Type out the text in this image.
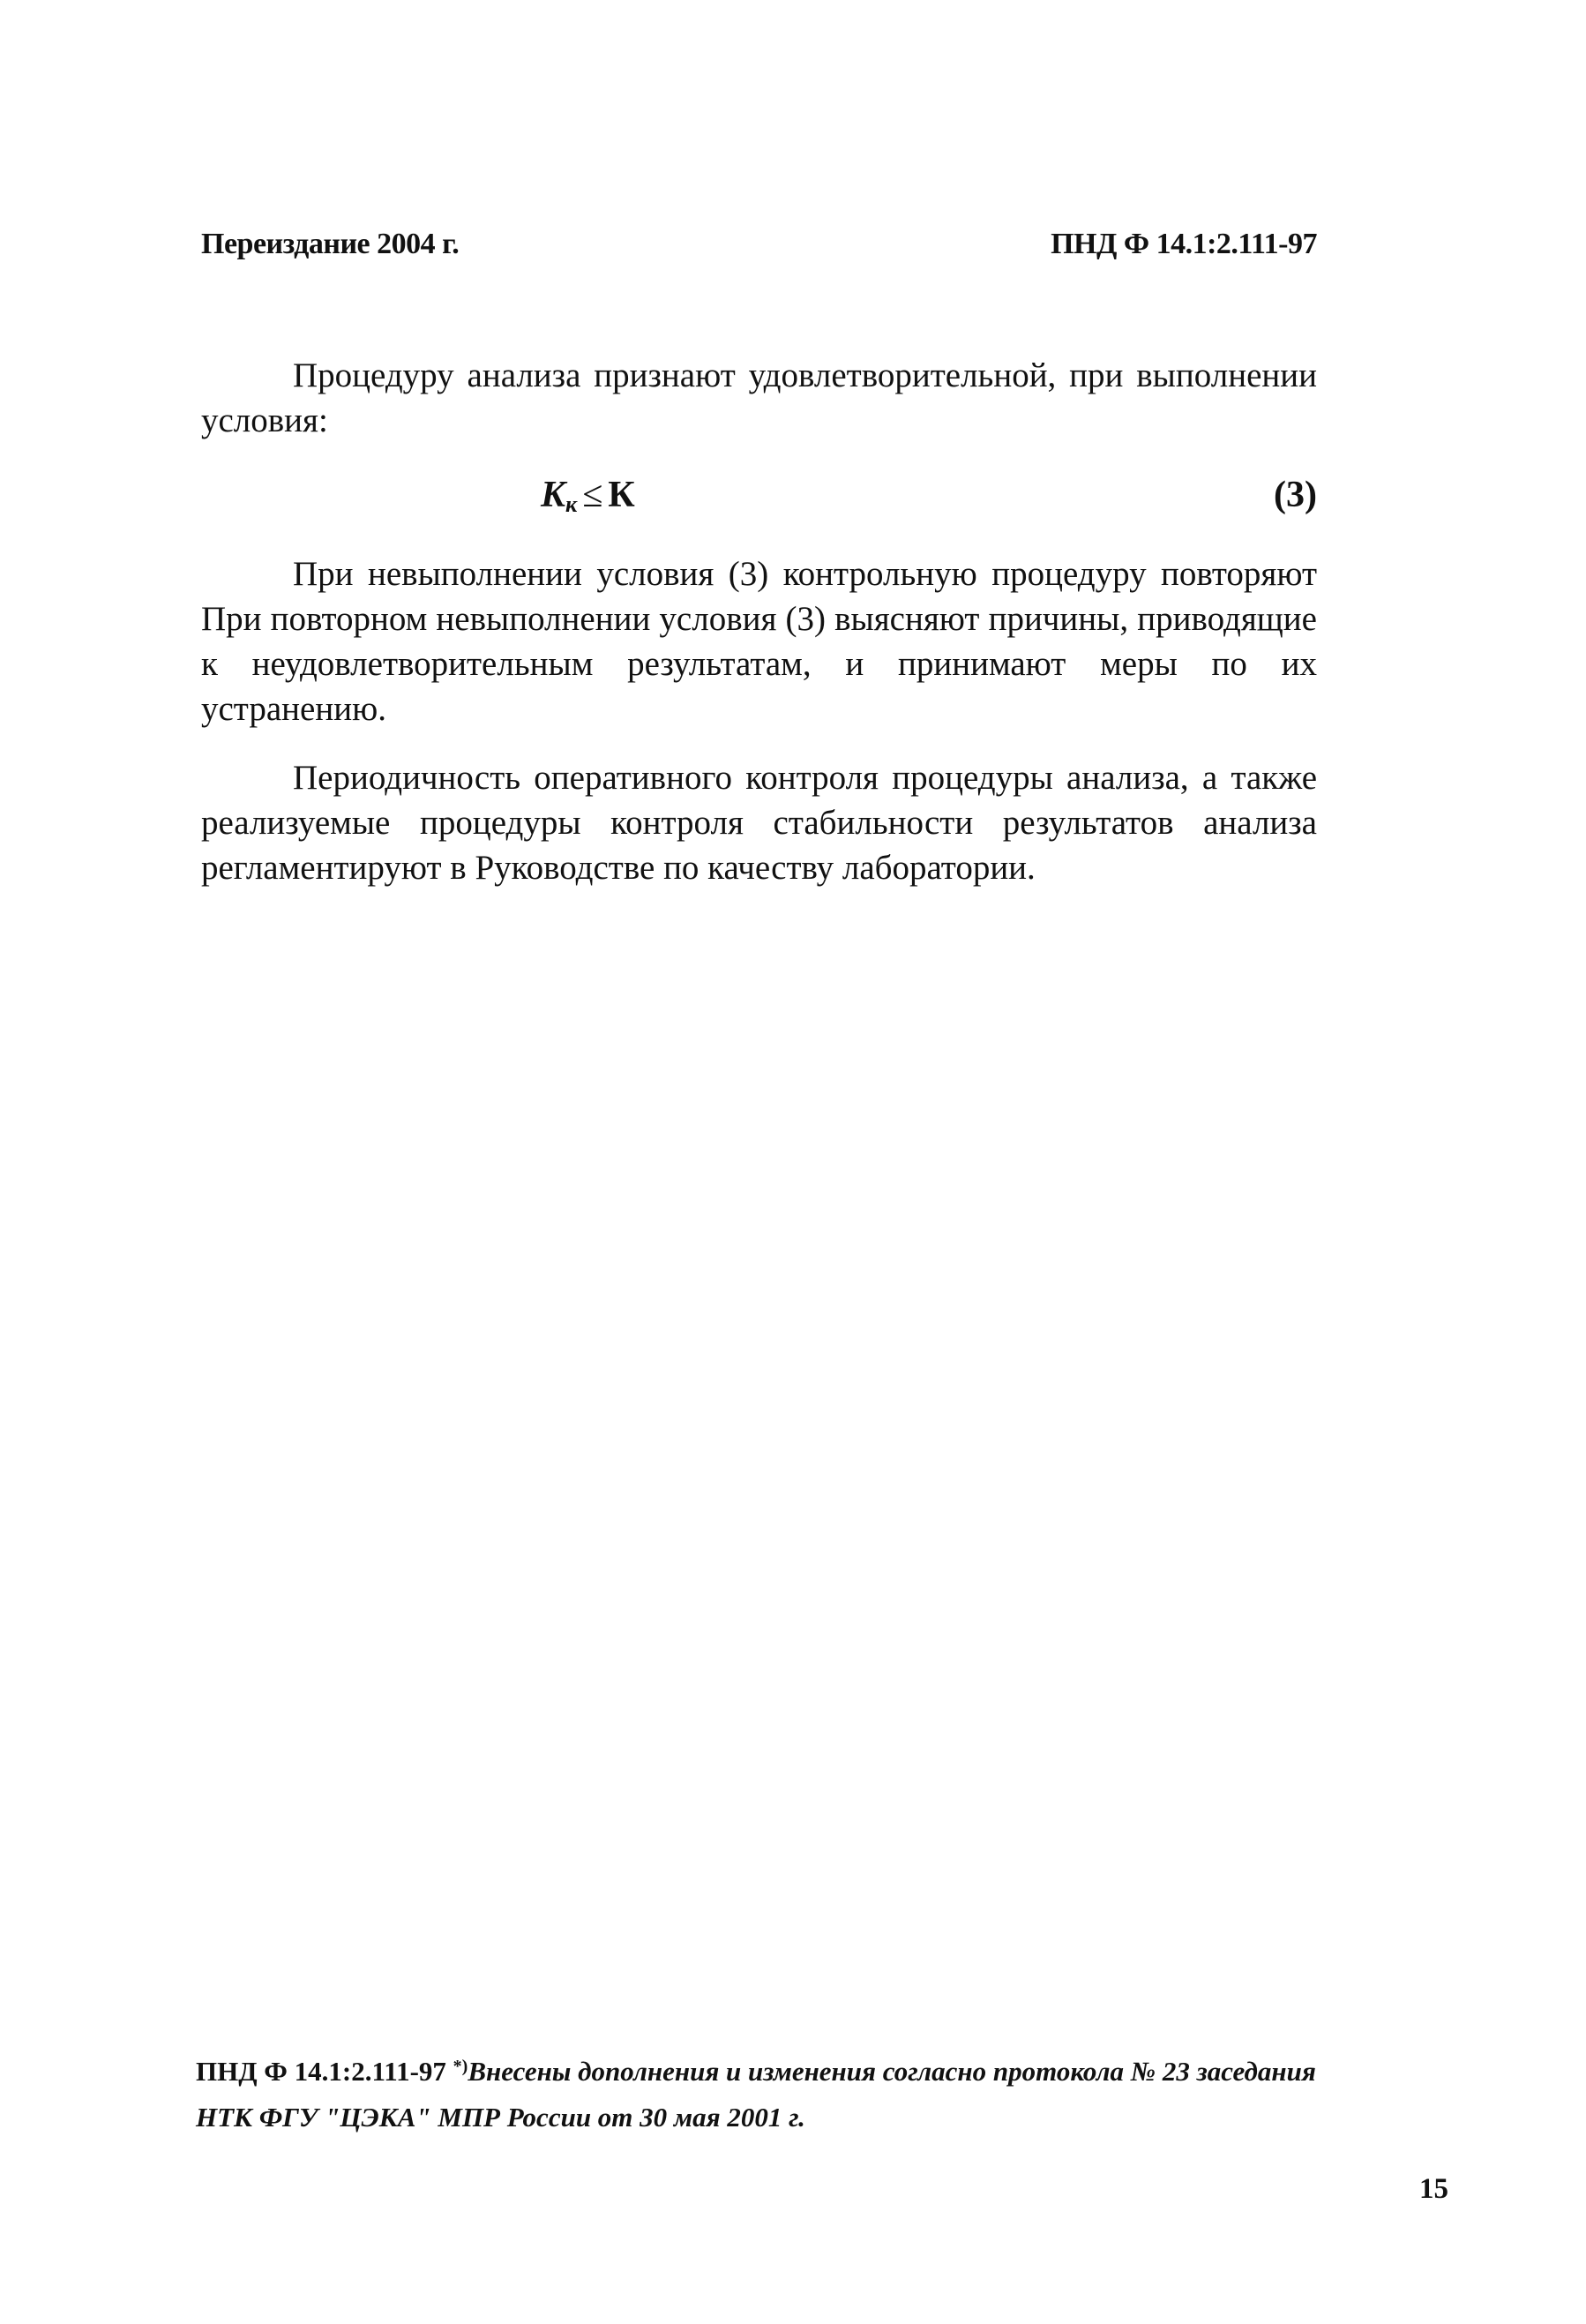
Переиздание 2004 г.	ПНД Ф 14.1:2.111-97

Процедуру анализа признают удовлетворительной, при выполнении условия:

$K_к \le К$	(3)

При невыполнении условия (3) контрольную процедуру повторяют При повторном невыполнении условия (3) выясняют причины, приводящие к неудовлетворительным результатам, и принимают меры по их устранению.

Периодичность оперативного контроля процедуры анализа, а также реализуемые процедуры контроля стабильности результатов анализа регламентируют в Руководстве по качеству лаборатории.

ПНД Ф 14.1:2.111-97 *)Внесены дополнения и изменения согласно протокола № 23 заседания НТК ФГУ "ЦЭКА" МПР России от 30 мая 2001 г.
15
